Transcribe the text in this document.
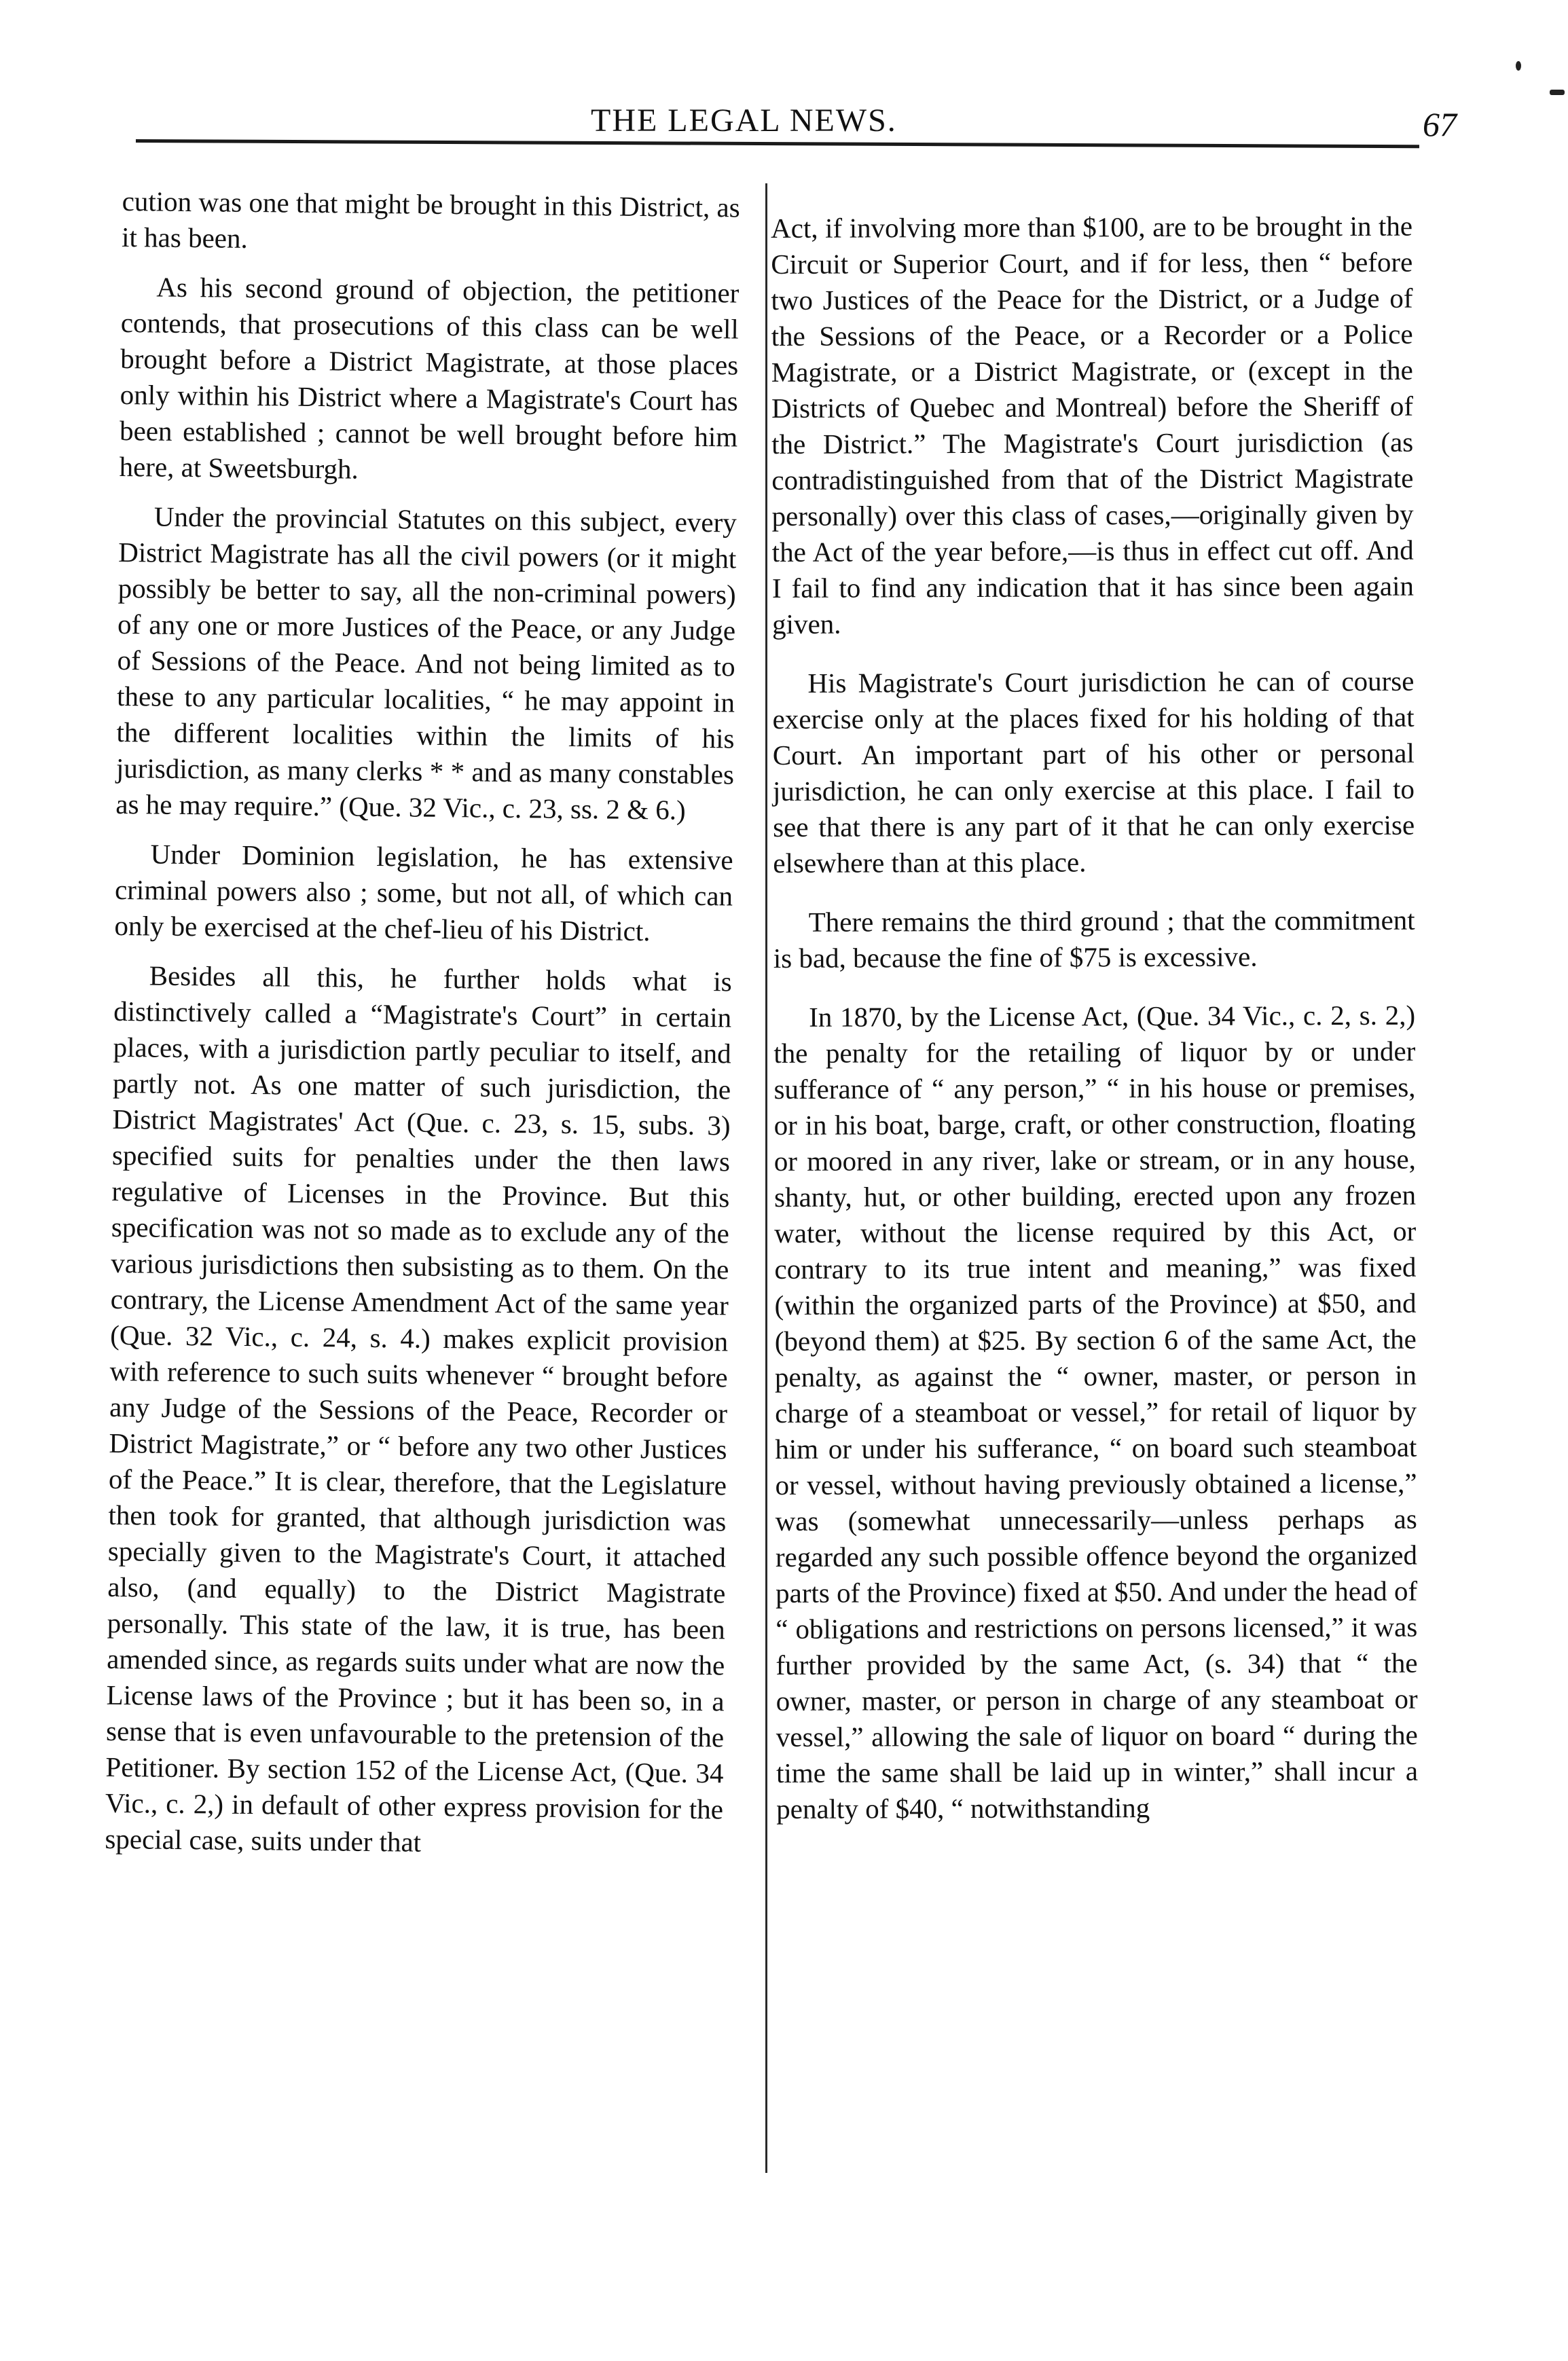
THE LEGAL NEWS.	67

cution was one that might be brought in this District, as it has been.

As his second ground of objection, the petitioner contends, that prosecutions of this class can be well brought before a District Magistrate, at those places only within his District where a Magistrate's Court has been established ; cannot be well brought before him here, at Sweetsburgh.

Under the provincial Statutes on this subject, every District Magistrate has all the civil powers (or it might possibly be better to say, all the non-criminal powers) of any one or more Justices of the Peace, or any Judge of Sessions of the Peace. And not being limited as to these to any particular localities, “ he may appoint in the different localities within the limits of his jurisdiction, as many clerks * * and as many constables as he may require.” (Que. 32 Vic., c. 23, ss. 2 & 6.)

Under Dominion legislation, he has extensive criminal powers also ; some, but not all, of which can only be exercised at the chef-lieu of his District.

Besides all this, he further holds what is distinctively called a “Magistrate's Court” in certain places, with a jurisdiction partly peculiar to itself, and partly not. As one matter of such jurisdiction, the District Magistrates' Act (Que. c. 23, s. 15, subs. 3) specified suits for penalties under the then laws regulative of Licenses in the Province. But this specification was not so made as to exclude any of the various jurisdictions then subsisting as to them. On the contrary, the License Amendment Act of the same year (Que. 32 Vic., c. 24, s. 4.) makes explicit provision with reference to such suits whenever “ brought before any Judge of the Sessions of the Peace, Recorder or District Magistrate,” or “ before any two other Justices of the Peace.” It is clear, therefore, that the Legislature then took for granted, that although jurisdiction was specially given to the Magistrate's Court, it attached also, (and equally) to the District Magistrate personally. This state of the law, it is true, has been amended since, as regards suits under what are now the License laws of the Province ; but it has been so, in a sense that is even unfavourable to the pretension of the Petitioner. By section 152 of the License Act, (Que. 34 Vic., c. 2,) in default of other express provision for the special case, suits under that

Act, if involving more than $100, are to be brought in the Circuit or Superior Court, and if for less, then “ before two Justices of the Peace for the District, or a Judge of the Sessions of the Peace, or a Recorder or a Police Magistrate, or a District Magistrate, or (except in the Districts of Quebec and Montreal) before the Sheriff of the District.” The Magistrate's Court jurisdiction (as contradistinguished from that of the District Magistrate personally) over this class of cases,—originally given by the Act of the year before,—is thus in effect cut off. And I fail to find any indication that it has since been again given.

His Magistrate's Court jurisdiction he can of course exercise only at the places fixed for his holding of that Court. An important part of his other or personal jurisdiction, he can only exercise at this place. I fail to see that there is any part of it that he can only exercise elsewhere than at this place.

There remains the third ground ; that the commitment is bad, because the fine of $75 is excessive.

In 1870, by the License Act, (Que. 34 Vic., c. 2, s. 2,) the penalty for the retailing of liquor by or under sufferance of “ any person,” “ in his house or premises, or in his boat, barge, craft, or other construction, floating or moored in any river, lake or stream, or in any house, shanty, hut, or other building, erected upon any frozen water, without the license required by this Act, or contrary to its true intent and meaning,” was fixed (within the organized parts of the Province) at $50, and (beyond them) at $25. By section 6 of the same Act, the penalty, as against the “ owner, master, or person in charge of a steamboat or vessel,” for retail of liquor by him or under his sufferance, “ on board such steamboat or vessel, without having previously obtained a license,” was (somewhat unnecessarily—unless perhaps as regarded any such possible offence beyond the organized parts of the Province) fixed at $50. And under the head of “ obligations and restrictions on persons licensed,” it was further provided by the same Act, (s. 34) that “ the owner, master, or person in charge of any steamboat or vessel,” allowing the sale of liquor on board “ during the time the same shall be laid up in winter,” shall incur a penalty of $40, “ notwithstanding
